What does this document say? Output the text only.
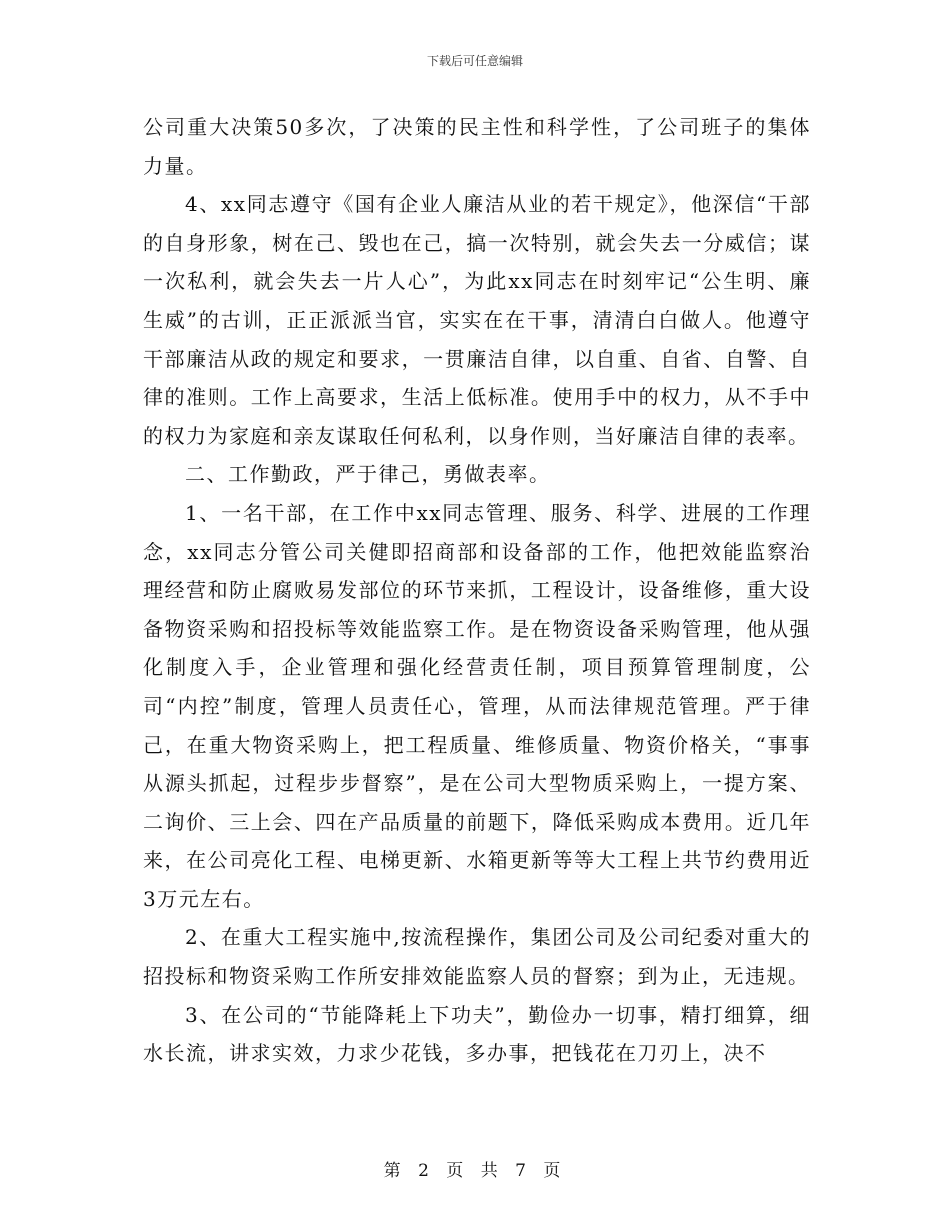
下载后可任意编辑

公司重大决策50多次，了决策的民主性和科学性，了公司班子的集体力量。

4、xx同志遵守《国有企业人廉洁从业的若干规定》，他深信“干部的自身形象，树在己、毁也在己，搞一次特别，就会失去一分威信；谋一次私利，就会失去一片人心”，为此xx同志在时刻牢记“公生明、廉生威”的古训，正正派派当官，实实在在干事，清清白白做人。他遵守干部廉洁从政的规定和要求，一贯廉洁自律，以自重、自省、自警、自律的准则。工作上高要求，生活上低标准。使用手中的权力，从不手中的权力为家庭和亲友谋取任何私利，以身作则，当好廉洁自律的表率。

二、工作勤政，严于律己，勇做表率。

1、一名干部，在工作中xx同志管理、服务、科学、进展的工作理念，xx同志分管公司关健即招商部和设备部的工作，他把效能监察治理经营和防止腐败易发部位的环节来抓，工程设计，设备维修，重大设备物资采购和招投标等效能监察工作。是在物资设备采购管理，他从强化制度入手，企业管理和强化经营责任制，项目预算管理制度，公司“内控”制度，管理人员责任心，管理，从而法律规范管理。严于律己，在重大物资采购上，把工程质量、维修质量、物资价格关，“事事从源头抓起，过程步步督察”，是在公司大型物质采购上，一提方案、二询价、三上会、四在产品质量的前题下，降低采购成本费用。近几年来，在公司亮化工程、电梯更新、水箱更新等等大工程上共节约费用近3万元左右。

2、在重大工程实施中,按流程操作，集团公司及公司纪委对重大的招投标和物资采购工作所安排效能监察人员的督察；到为止，无违规。

3、在公司的“节能降耗上下功夫”，勤俭办一切事，精打细算，细水长流，讲求实效，力求少花钱，多办事，把钱花在刀刃上，决不

第 2 页 共 7 页
